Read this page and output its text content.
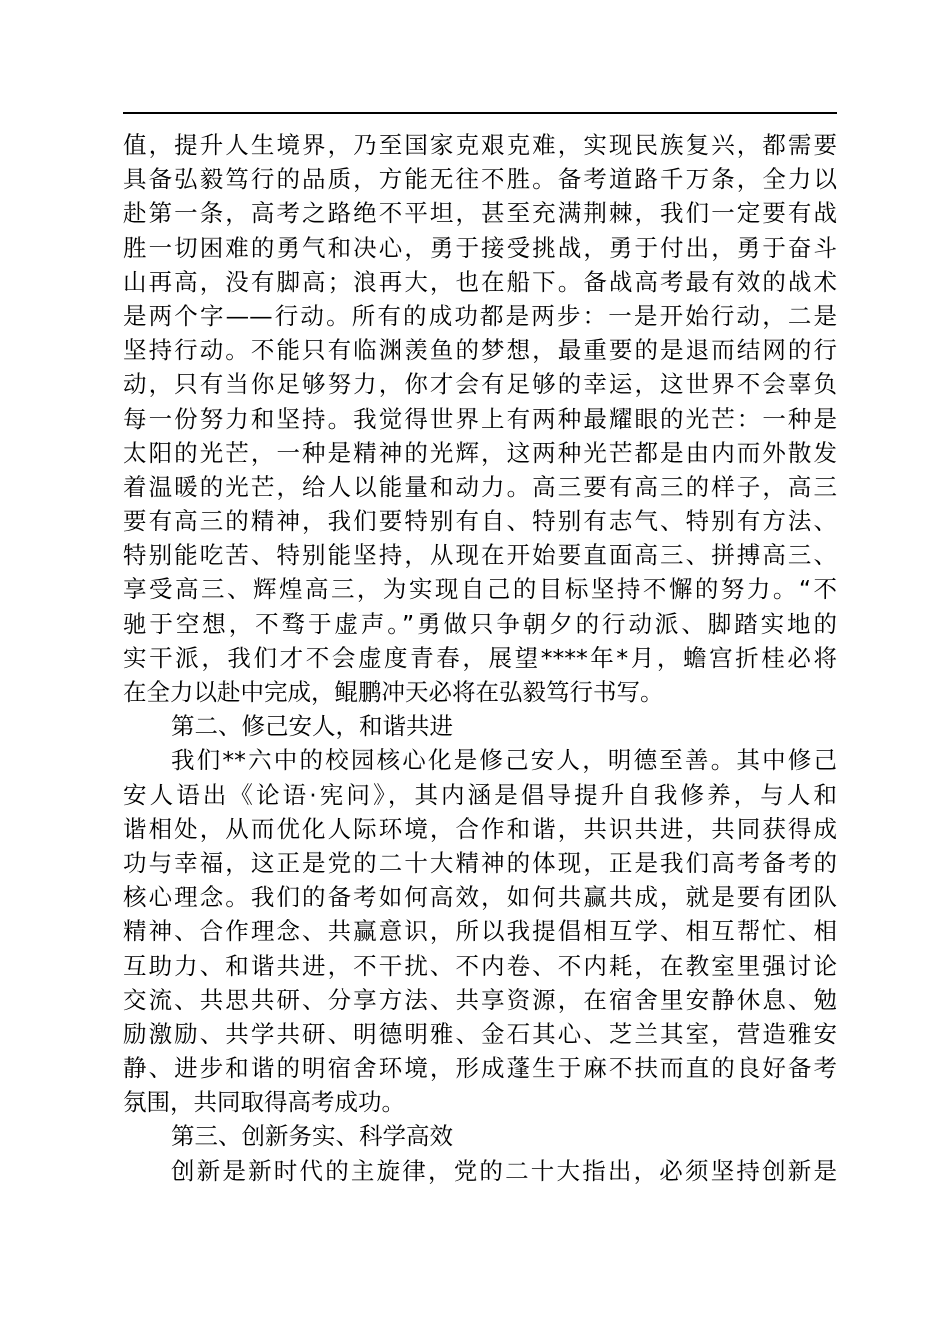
值，提升人生境界，乃至国家克艰克难，实现民族复兴，都需要
具备弘毅笃行的品质，方能无往不胜。备考道路千万条，全力以
赴第一条，高考之路绝不平坦，甚至充满荆棘，我们一定要有战
胜一切困难的勇气和决心，勇于接受挑战，勇于付出，勇于奋斗
山再高，没有脚高；浪再大，也在船下。备战高考最有效的战术
是两个字——行动。所有的成功都是两步：一是开始行动，二是
坚持行动。不能只有临渊羡鱼的梦想，最重要的是退而结网的行
动，只有当你足够努力，你才会有足够的幸运，这世界不会辜负
每一份努力和坚持。我觉得世界上有两种最耀眼的光芒：一种是
太阳的光芒，一种是精神的光辉，这两种光芒都是由内而外散发
着温暖的光芒，给人以能量和动力。高三要有高三的样子，高三
要有高三的精神，我们要特别有自、特别有志气、特别有方法、
特别能吃苦、特别能坚持，从现在开始要直面高三、拼搏高三、
享受高三、辉煌高三，为实现自己的目标坚持不懈的努力。“不
驰于空想，不骛于虚声。”勇做只争朝夕的行动派、脚踏实地的
实干派，我们才不会虚度青春，展望****年*月，蟾宫折桂必将
在全力以赴中完成，鲲鹏冲天必将在弘毅笃行书写。
第二、修己安人，和谐共进
我们**六中的校园核心化是修己安人，明德至善。其中修己
安人语出《论语·宪问》，其内涵是倡导提升自我修养，与人和
谐相处，从而优化人际环境，合作和谐，共识共进，共同获得成
功与幸福，这正是党的二十大精神的体现，正是我们高考备考的
核心理念。我们的备考如何高效，如何共赢共成，就是要有团队
精神、合作理念、共赢意识，所以我提倡相互学、相互帮忙、相
互助力、和谐共进，不干扰、不内卷、不内耗，在教室里强讨论
交流、共思共研、分享方法、共享资源，在宿舍里安静休息、勉
励激励、共学共研、明德明雅、金石其心、芝兰其室，营造雅安
静、进步和谐的明宿舍环境，形成蓬生于麻不扶而直的良好备考
氛围，共同取得高考成功。
第三、创新务实、科学高效
创新是新时代的主旋律，党的二十大指出，必须坚持创新是
